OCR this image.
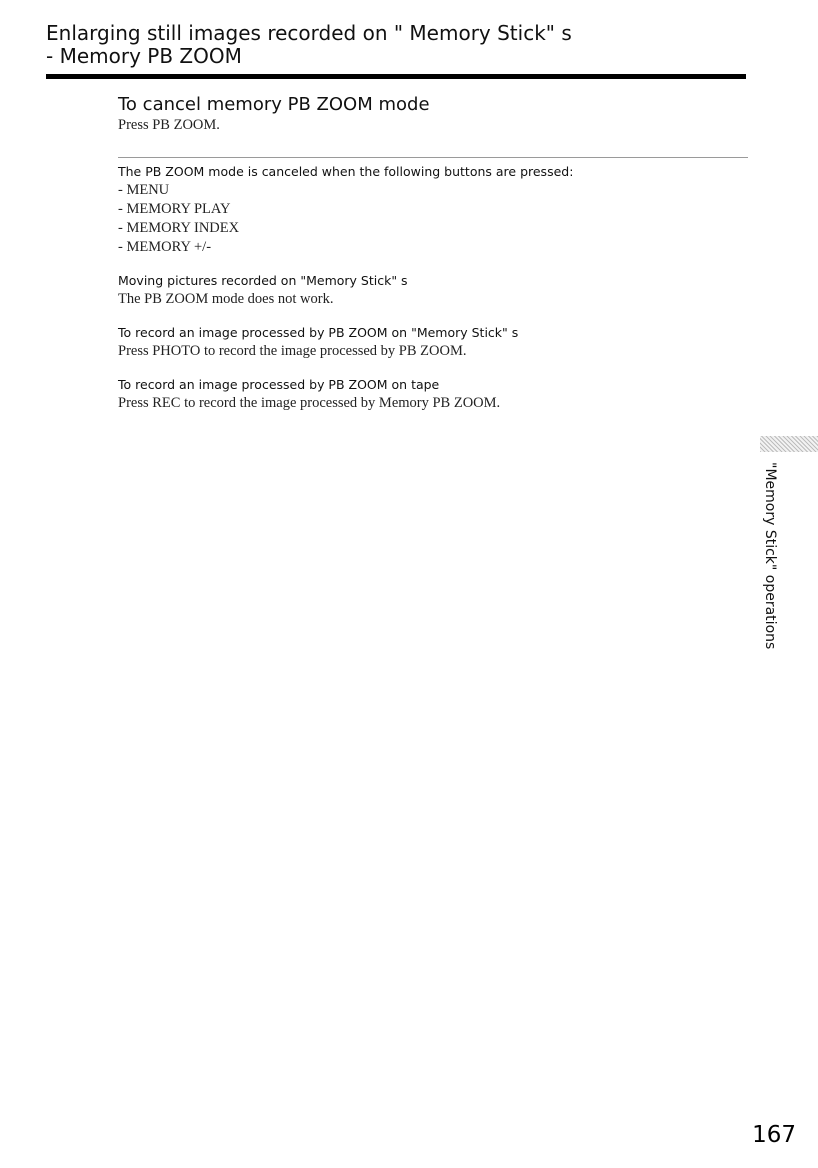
Enlarging still images recorded on " Memory Stick" s
- Memory PB ZOOM
To cancel memory PB ZOOM mode

Press PB ZOOM.

The PB ZOOM mode is canceled when the following buttons are pressed:

- MENU
- MEMORY PLAY
- MEMORY INDEX
- MEMORY +/-

Moving pictures recorded on "Memory Stick" s

The PB ZOOM mode does not work.

To record an image processed by PB ZOOM on "Memory Stick" s

Press PHOTO to record the image processed by PB ZOOM.

To record an image processed by PB ZOOM on tape

Press REC to record the image processed by Memory PB ZOOM.

"Memory Stick" operations
167
